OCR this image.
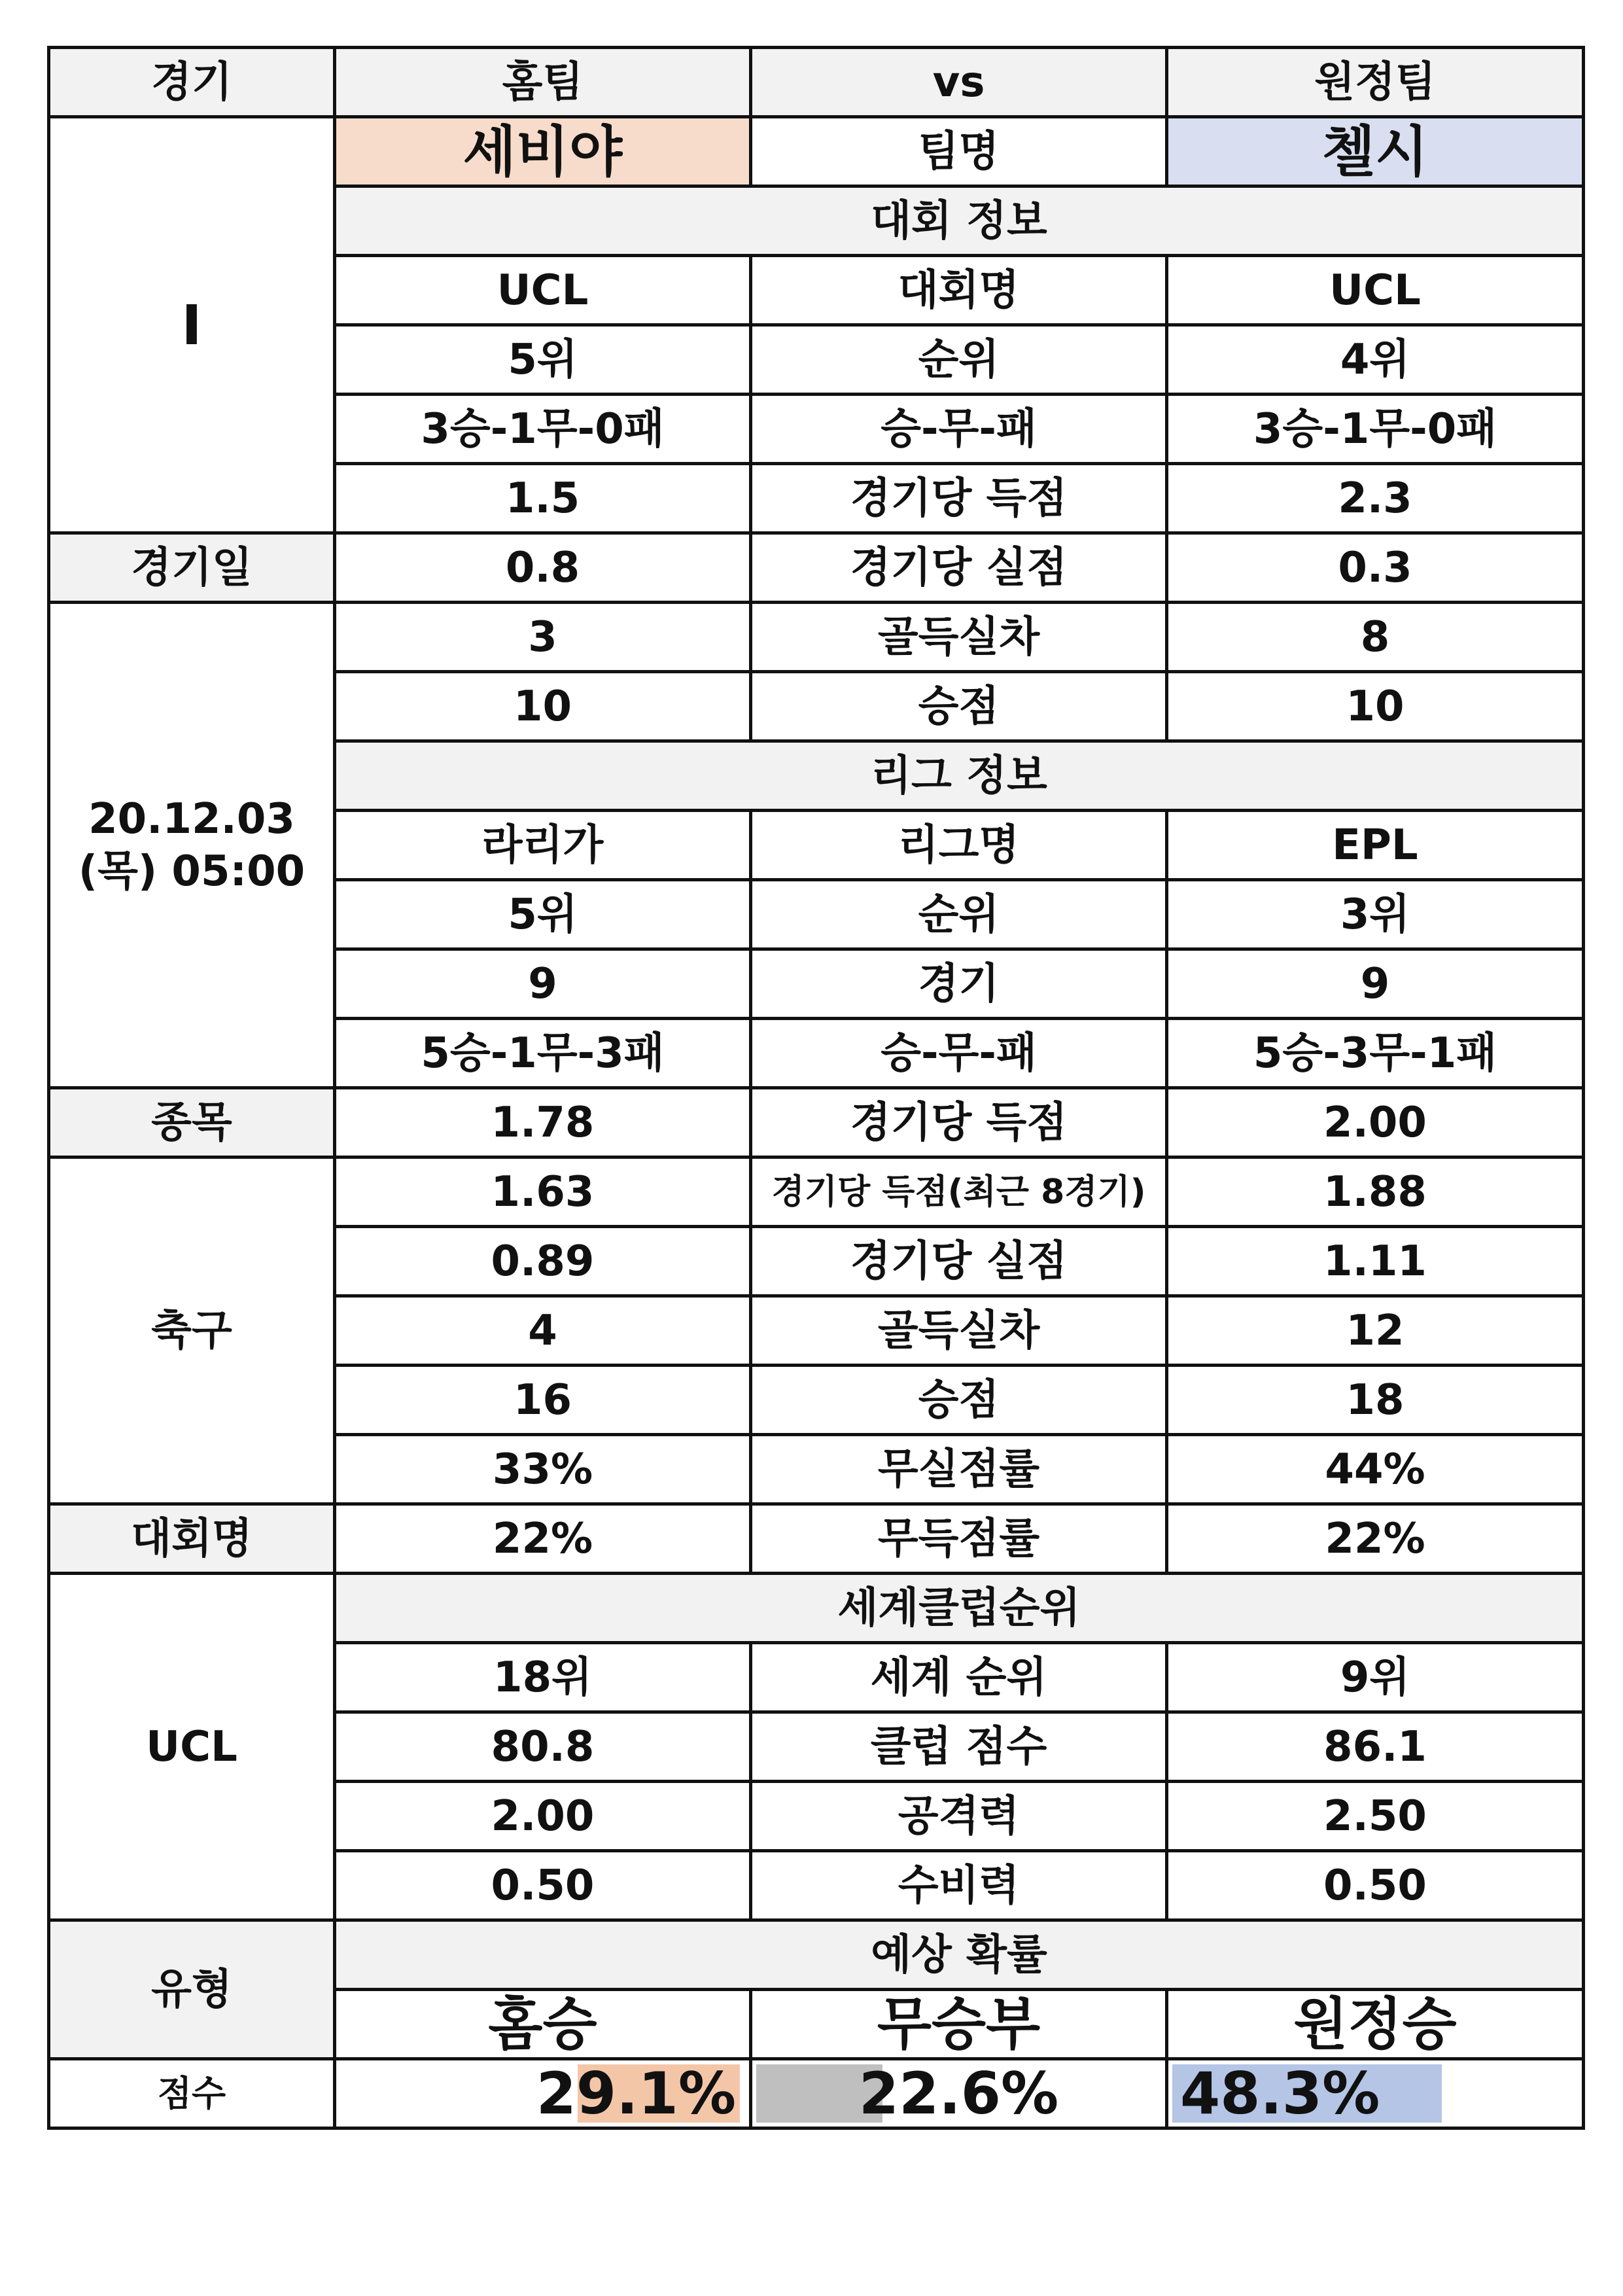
경기	홈팀	vs	원정팀
I	세비야	팀명	첼시
	대회 정보		
	UCL	대회명	UCL
	5위	순위	4위
	3승-1무-0패	승-무-패	3승-1무-0패
	1.5	경기당 득점	2.3
경기일	0.8	경기당 실점	0.3
20.12.03 (목) 05:00	3	골득실차	8
	10	승점	10
	리그 정보		
	라리가	리그명	EPL
	5위	순위	3위
	9	경기	9
	5승-1무-3패	승-무-패	5승-3무-1패
종목	1.78	경기당 득점	2.00
축구	1.63	경기당 득점(최근 8경기)	1.88
	0.89	경기당 실점	1.11
	4	골득실차	12
	16	승점	18
	33%	무실점률	44%
대회명	22%	무득점률	22%
UCL	세계클럽순위		
	18위	세계 순위	9위
	80.8	클럽 점수	86.1
	2.00	공격력	2.50
	0.50	수비력	0.50
유형	예상 확률		
	홈승	무승부	원정승
점수	29.1%	22.6%	48.3%
